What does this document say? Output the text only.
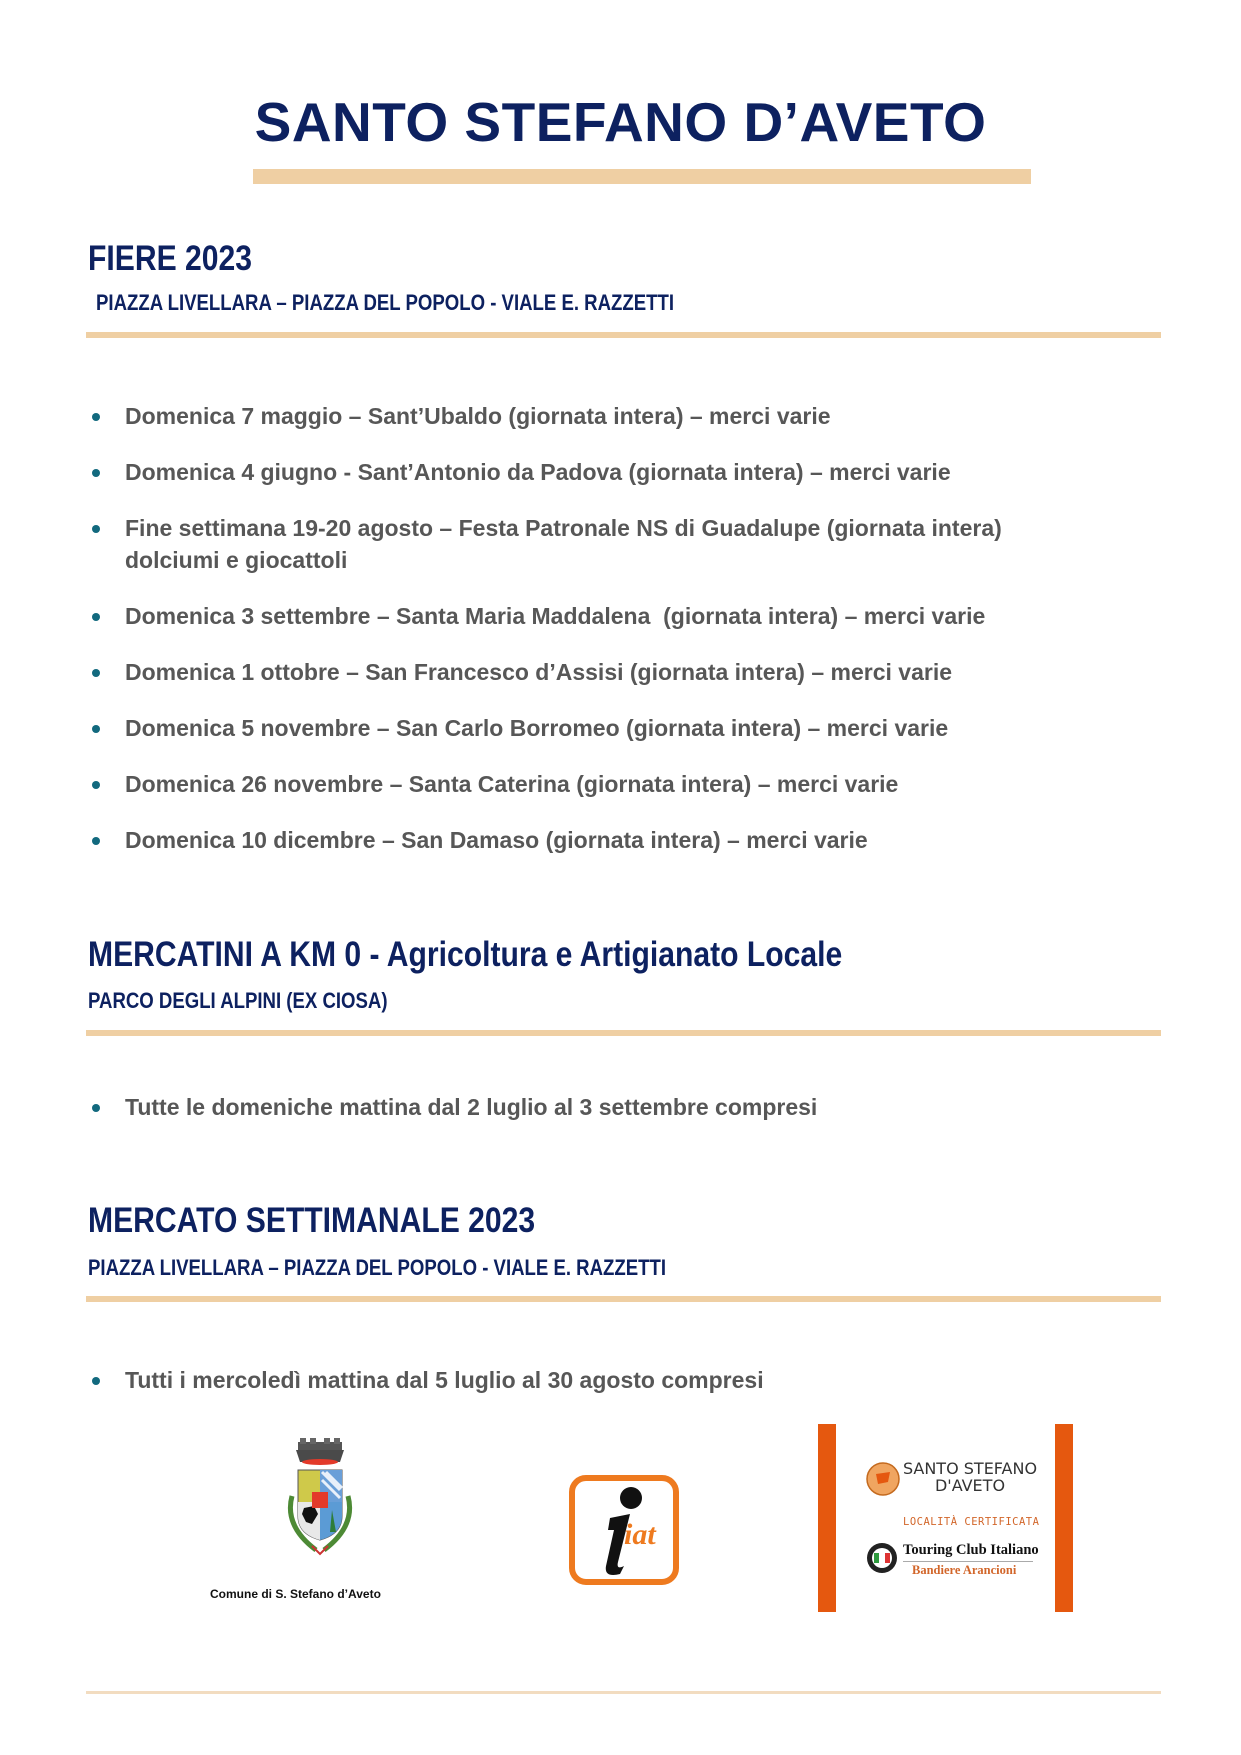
SANTO STEFANO D’AVETO
FIERE 2023
PIAZZA LIVELLARA – PIAZZA DEL POPOLO - VIALE E. RAZZETTI
Domenica 7 maggio – Sant’Ubaldo (giornata intera) – merci varie
Domenica 4 giugno - Sant’Antonio da Padova (giornata intera) – merci varie
Fine settimana 19-20 agosto – Festa Patronale NS di Guadalupe (giornata intera)
dolciumi e giocattoli
Domenica 3 settembre – Santa Maria Maddalena  (giornata intera) – merci varie
Domenica 1 ottobre – San Francesco d’Assisi (giornata intera) – merci varie
Domenica 5 novembre – San Carlo Borromeo (giornata intera) – merci varie
Domenica 26 novembre – Santa Caterina (giornata intera) – merci varie
Domenica 10 dicembre – San Damaso (giornata intera) – merci varie
MERCATINI A KM 0 - Agricoltura e Artigianato Locale
PARCO DEGLI ALPINI (EX CIOSA)
Tutte le domeniche mattina dal 2 luglio al 3 settembre compresi
MERCATO SETTIMANALE 2023
PIAZZA LIVELLARA – PIAZZA DEL POPOLO - VIALE E. RAZZETTI
Tutti i mercoledì mattina dal 5 luglio al 30 agosto compresi
Comune di S. Stefano d’Aveto
iat
SANTO STEFANO
D'AVETO
LOCALITÀ CERTIFICATA
Touring Club Italiano
Bandiere Arancioni
